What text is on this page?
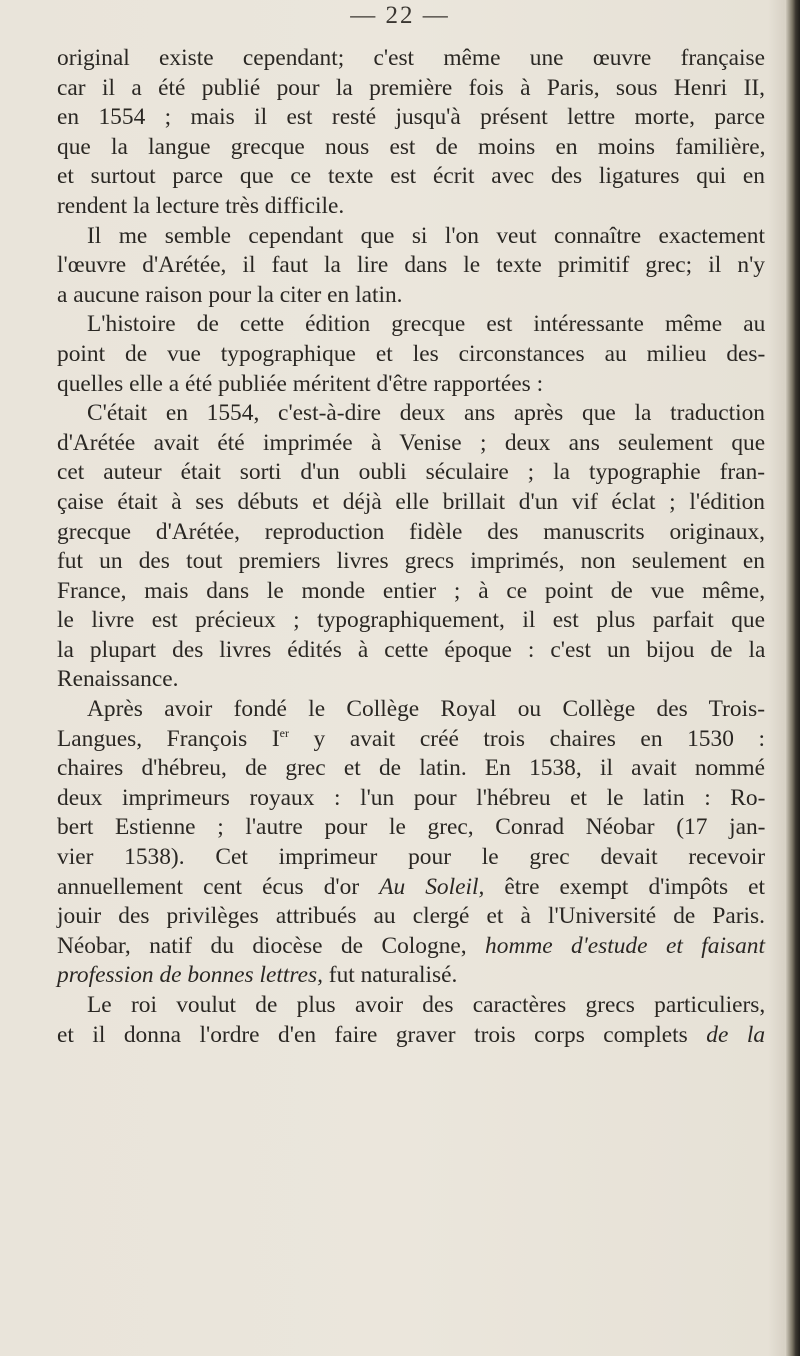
— 22 —
original existe cependant; c'est même une œuvre française
car il a été publié pour la première fois à Paris, sous Henri II,
en 1554 ; mais il est resté jusqu'à présent lettre morte, parce
que la langue grecque nous est de moins en moins familière,
et surtout parce que ce texte est écrit avec des ligatures qui en
rendent la lecture très difficile.
Il me semble cependant que si l'on veut connaître exactement
l'œuvre d'Arétée, il faut la lire dans le texte primitif grec; il n'y
a aucune raison pour la citer en latin.
L'histoire de cette édition grecque est intéressante même au
point de vue typographique et les circonstances au milieu des-
quelles elle a été publiée méritent d'être rapportées :
C'était en 1554, c'est-à-dire deux ans après que la traduction
d'Arétée avait été imprimée à Venise ; deux ans seulement que
cet auteur était sorti d'un oubli séculaire ; la typographie fran-
çaise était à ses débuts et déjà elle brillait d'un vif éclat ; l'édition
grecque d'Arétée, reproduction fidèle des manuscrits originaux,
fut un des tout premiers livres grecs imprimés, non seulement en
France, mais dans le monde entier ; à ce point de vue même,
le livre est précieux ; typographiquement, il est plus parfait que
la plupart des livres édités à cette époque : c'est un bijou de la
Renaissance.
Après avoir fondé le Collège Royal ou Collège des Trois-
Langues, François Ier y avait créé trois chaires en 1530 :
chaires d'hébreu, de grec et de latin. En 1538, il avait nommé
deux imprimeurs royaux : l'un pour l'hébreu et le latin : Ro-
bert Estienne ; l'autre pour le grec, Conrad Néobar (17 jan-
vier 1538). Cet imprimeur pour le grec devait recevoir
annuellement cent écus d'or Au Soleil, être exempt d'impôts et
jouir des privilèges attribués au clergé et à l'Université de Paris.
Néobar, natif du diocèse de Cologne, homme d'estude et faisant
profession de bonnes lettres, fut naturalisé.
Le roi voulut de plus avoir des caractères grecs particuliers,
et il donna l'ordre d'en faire graver trois corps complets de la
